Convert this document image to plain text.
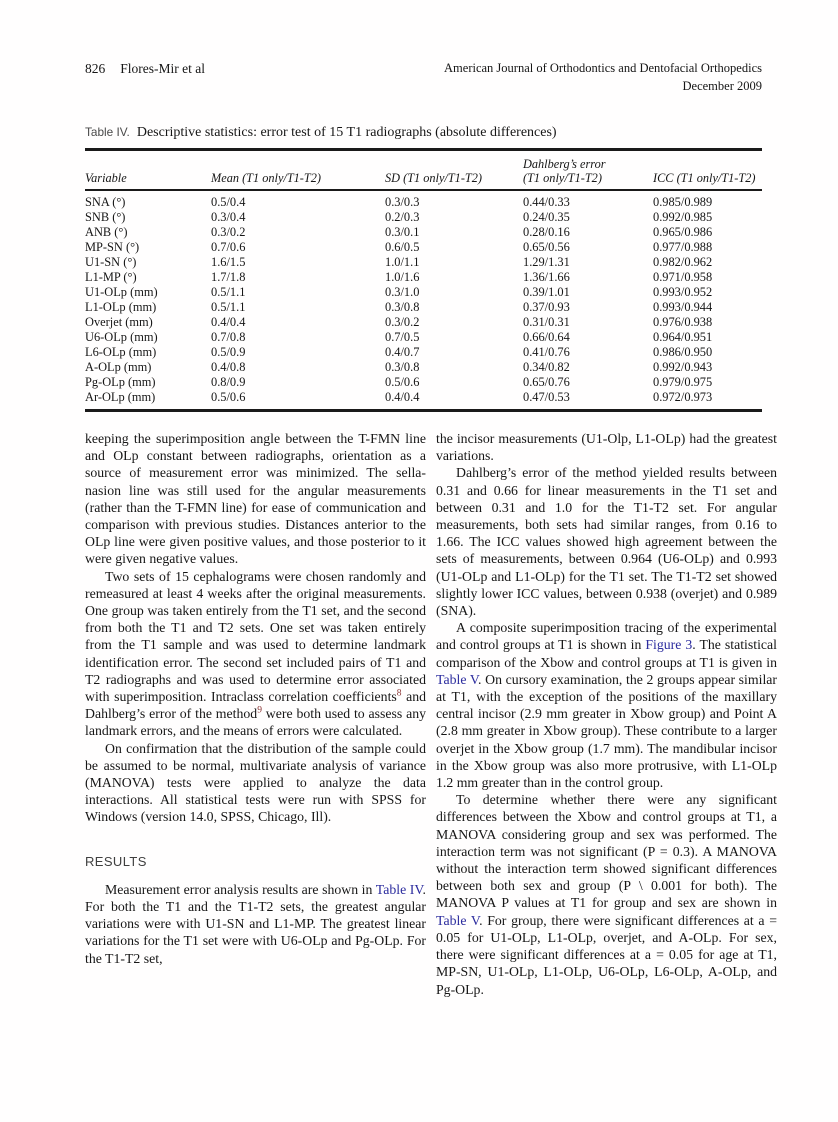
826 Flores-Mir et al	American Journal of Orthodontics and Dentofacial Orthopedics
December 2009
Table IV. Descriptive statistics: error test of 15 T1 radiographs (absolute differences)
Variable	Mean (T1 only/T1-T2)	SD (T1 only/T1-T2)	Dahlberg’s error
(T1 only/T1-T2)	ICC (T1 only/T1-T2)

SNA (°)	0.5/0.4	0.3/0.3	0.44/0.33	0.985/0.989
SNB (°)	0.3/0.4	0.2/0.3	0.24/0.35	0.992/0.985
ANB (°)	0.3/0.2	0.3/0.1	0.28/0.16	0.965/0.986
MP-SN (°)	0.7/0.6	0.6/0.5	0.65/0.56	0.977/0.988
U1-SN (°)	1.6/1.5	1.0/1.1	1.29/1.31	0.982/0.962
L1-MP (°)	1.7/1.8	1.0/1.6	1.36/1.66	0.971/0.958
U1-OLp (mm)	0.5/1.1	0.3/1.0	0.39/1.01	0.993/0.952
L1-OLp (mm)	0.5/1.1	0.3/0.8	0.37/0.93	0.993/0.944
Overjet (mm)	0.4/0.4	0.3/0.2	0.31/0.31	0.976/0.938
U6-OLp (mm)	0.7/0.8	0.7/0.5	0.66/0.64	0.964/0.951
L6-OLp (mm)	0.5/0.9	0.4/0.7	0.41/0.76	0.986/0.950
A-OLp (mm)	0.4/0.8	0.3/0.8	0.34/0.82	0.992/0.943
Pg-OLp (mm)	0.8/0.9	0.5/0.6	0.65/0.76	0.979/0.975
Ar-OLp (mm)	0.5/0.6	0.4/0.4	0.47/0.53	0.972/0.973

keeping the superimposition angle between the T-FMN line and OLp constant between radiographs, orientation as a source of measurement error was minimized. The sella-nasion line was still used for the angular measurements (rather than the T-FMN line) for ease of communication and comparison with previous studies. Distances anterior to the OLp line were given positive values, and those posterior to it were given negative values.

Two sets of 15 cephalograms were chosen randomly and remeasured at least 4 weeks after the original measurements. One group was taken entirely from the T1 set, and the second from both the T1 and T2 sets. One set was taken entirely from the T1 sample and was used to determine landmark identification error. The second set included pairs of T1 and T2 radiographs and was used to determine error associated with superimposition. Intraclass correlation coefficients$^8$ and Dahlberg’s error of the method$^9$ were both used to assess any landmark errors, and the means of errors were calculated.

On confirmation that the distribution of the sample could be assumed to be normal, multivariate analysis of variance (MANOVA) tests were applied to analyze the data interactions. All statistical tests were run with SPSS for Windows (version 14.0, SPSS, Chicago, Ill).

RESULTS

Measurement error analysis results are shown in Table IV. For both the T1 and the T1-T2 sets, the greatest angular variations were with U1-SN and L1-MP. The greatest linear variations for the T1 set were with U6-OLp and Pg-OLp. For the T1-T2 set,

the incisor measurements (U1-Olp, L1-OLp) had the greatest variations.

Dahlberg’s error of the method yielded results between 0.31 and 0.66 for linear measurements in the T1 set and between 0.31 and 1.0 for the T1-T2 set. For angular measurements, both sets had similar ranges, from 0.16 to 1.66. The ICC values showed high agreement between the sets of measurements, between 0.964 (U6-OLp) and 0.993 (U1-OLp and L1-OLp) for the T1 set. The T1-T2 set showed slightly lower ICC values, between 0.938 (overjet) and 0.989 (SNA).

A composite superimposition tracing of the experimental and control groups at T1 is shown in Figure 3. The statistical comparison of the Xbow and control groups at T1 is given in Table V. On cursory examination, the 2 groups appear similar at T1, with the exception of the positions of the maxillary central incisor (2.9 mm greater in Xbow group) and Point A (2.8 mm greater in Xbow group). These contribute to a larger overjet in the Xbow group (1.7 mm). The mandibular incisor in the Xbow group was also more protrusive, with L1-OLp 1.2 mm greater than in the control group.

To determine whether there were any significant differences between the Xbow and control groups at T1, a MANOVA considering group and sex was performed. The interaction term was not significant (P = 0.3). A MANOVA without the interaction term showed significant differences between both sex and group (P \ 0.001 for both). The MANOVA P values at T1 for group and sex are shown in Table V. For group, there were significant differences at a = 0.05 for U1-OLp, L1-OLp, overjet, and A-OLp. For sex, there were significant differences at a = 0.05 for age at T1, MP-SN, U1-OLp, L1-OLp, U6-OLp, L6-OLp, A-OLp, and Pg-OLp.
